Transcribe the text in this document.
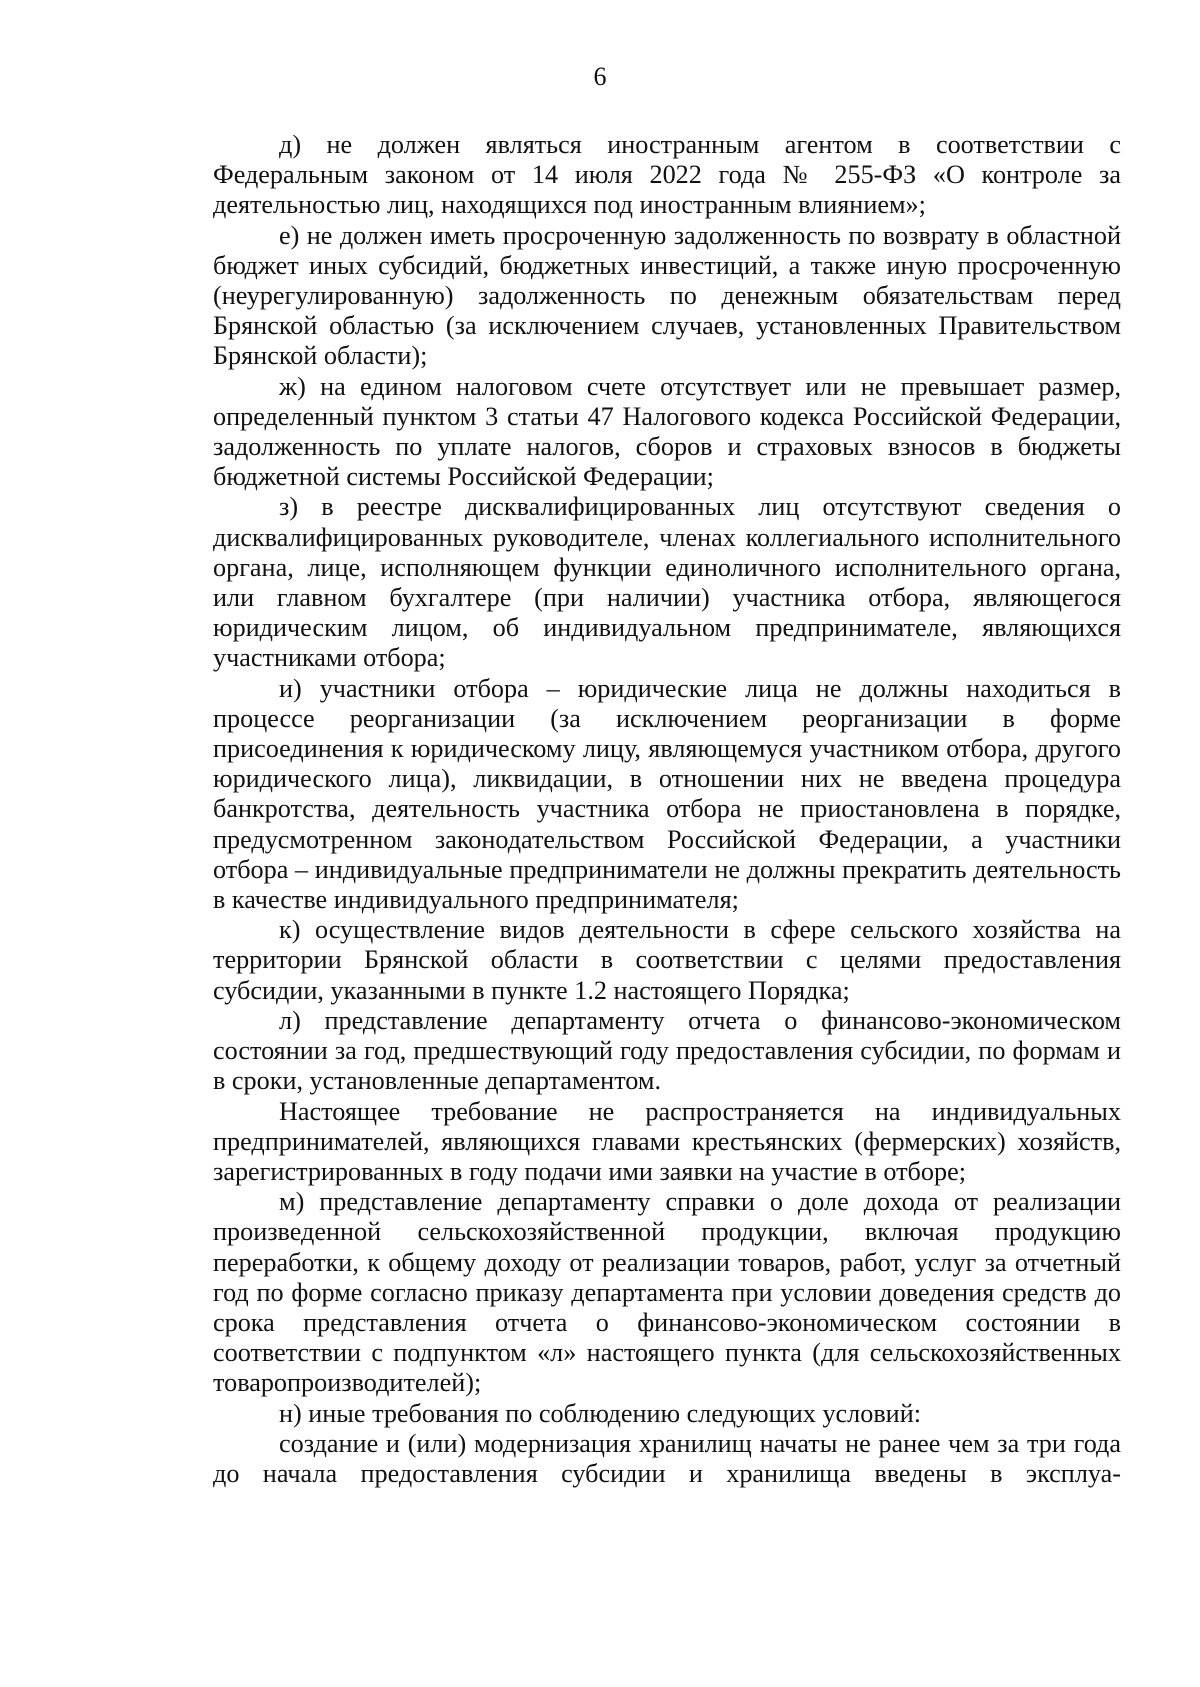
6

д) не должен являться иностранным агентом в соответствии с Федеральным законом от 14 июля 2022 года № 255-ФЗ «О контроле за деятельностью лиц, находящихся под иностранным влиянием»;

е) не должен иметь просроченную задолженность по возврату в областной бюджет иных субсидий, бюджетных инвестиций, а также иную просроченную (неурегулированную) задолженность по денежным обязательствам перед Брянской областью (за исключением случаев, установленных Правительством Брянской области);

ж) на едином налоговом счете отсутствует или не превышает размер, определенный пунктом 3 статьи 47 Налогового кодекса Российской Федерации, задолженность по уплате налогов, сборов и страховых взносов в бюджеты бюджетной системы Российской Федерации;

з) в реестре дисквалифицированных лиц отсутствуют сведения о дисквалифицированных руководителе, членах коллегиального исполнительного органа, лице, исполняющем функции единоличного исполнительного органа, или главном бухгалтере (при наличии) участника отбора, являющегося юридическим лицом, об индивидуальном предпринимателе, являющихся участниками отбора;

и) участники отбора – юридические лица не должны находиться в процессе реорганизации (за исключением реорганизации в форме присоединения к юридическому лицу, являющемуся участником отбора, другого юридического лица), ликвидации, в отношении них не введена процедура банкротства, деятельность участника отбора не приостановлена в порядке, предусмотренном законодательством Российской Федерации, а участники отбора – индивидуальные предприниматели не должны прекратить деятельность в качестве индивидуального предпринимателя;

к) осуществление видов деятельности в сфере сельского хозяйства на территории Брянской области в соответствии с целями предоставления субсидии, указанными в пункте 1.2 настоящего Порядка;

л) представление департаменту отчета о финансово-экономическом состоянии за год, предшествующий году предоставления субсидии, по формам и в сроки, установленные департаментом.

Настоящее требование не распространяется на индивидуальных предпринимателей, являющихся главами крестьянских (фермерских) хозяйств, зарегистрированных в году подачи ими заявки на участие в отборе;

м) представление департаменту справки о доле дохода от реализации произведенной сельскохозяйственной продукции, включая продукцию переработки, к общему доходу от реализации товаров, работ, услуг за отчетный год по форме согласно приказу департамента при условии доведения средств до срока представления отчета о финансово-экономическом состоянии в соответствии с подпунктом «л» настоящего пункта (для сельскохозяйственных товаропроизводителей);

н) иные требования по соблюдению следующих условий:

создание и (или) модернизация хранилищ начаты не ранее чем за три года до начала предоставления субсидии и хранилища введены в эксплуа-
